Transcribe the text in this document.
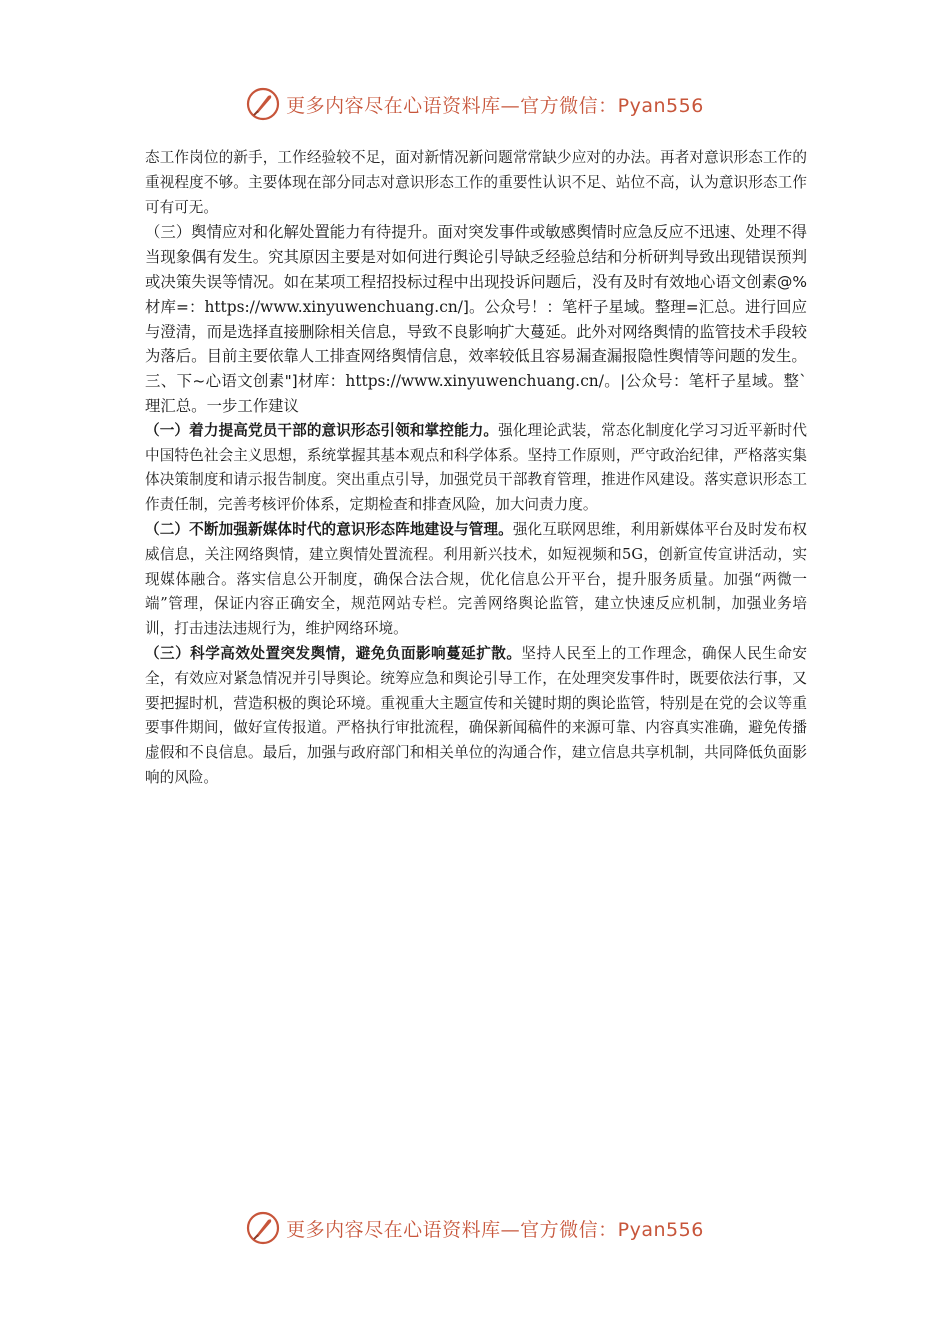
更多内容尽在心语资料库—官方微信：Pyan556

态工作岗位的新手，工作经验较不足，面对新情况新问题常常缺少应对的办法。再者对意识形态工作的重视程度不够。主要体现在部分同志对意识形态工作的重要性认识不足、站位不高，认为意识形态工作可有可无。

（三）舆情应对和化解处置能力有待提升。面对突发事件或敏感舆情时应急反应不迅速、处理不得当现象偶有发生。究其原因主要是对如何进行舆论引导缺乏经验总结和分析研判导致出现错误预判或决策失误等情况。如在某项工程招投标过程中出现投诉问题后，没有及时有效地心语文创素@%材库=：https://www.xinyuwenchuang.cn/]。公众号！：笔杆子星域。整理=汇总。进行回应与澄清，而是选择直接删除相关信息，导致不良影响扩大蔓延。此外对网络舆情的监管技术手段较为落后。目前主要依靠人工排查网络舆情信息，效率较低且容易漏查漏报隐性舆情等问题的发生。

三、下~心语文创素"]材库：https://www.xinyuwenchuang.cn/。|公众号：笔杆子星域。整`理汇总。一步工作建议

（一）着力提高党员干部的意识形态引领和掌控能力。强化理论武装，常态化制度化学习习近平新时代中国特色社会主义思想，系统掌握其基本观点和科学体系。坚持工作原则，严守政治纪律，严格落实集体决策制度和请示报告制度。突出重点引导，加强党员干部教育管理，推进作风建设。落实意识形态工作责任制，完善考核评价体系，定期检查和排查风险，加大问责力度。

（二）不断加强新媒体时代的意识形态阵地建设与管理。强化互联网思维，利用新媒体平台及时发布权威信息，关注网络舆情，建立舆情处置流程。利用新兴技术，如短视频和5G，创新宣传宣讲活动，实现媒体融合。落实信息公开制度，确保合法合规，优化信息公开平台，提升服务质量。加强“两微一端”管理，保证内容正确安全，规范网站专栏。完善网络舆论监管，建立快速反应机制，加强业务培训，打击违法违规行为，维护网络环境。

（三）科学高效处置突发舆情，避免负面影响蔓延扩散。坚持人民至上的工作理念，确保人民生命安全，有效应对紧急情况并引导舆论。统筹应急和舆论引导工作，在处理突发事件时，既要依法行事，又要把握时机，营造积极的舆论环境。重视重大主题宣传和关键时期的舆论监管，特别是在党的会议等重要事件期间，做好宣传报道。严格执行审批流程，确保新闻稿件的来源可靠、内容真实准确，避免传播虚假和不良信息。最后，加强与政府部门和相关单位的沟通合作，建立信息共享机制，共同降低负面影响的风险。

更多内容尽在心语资料库—官方微信：Pyan556
